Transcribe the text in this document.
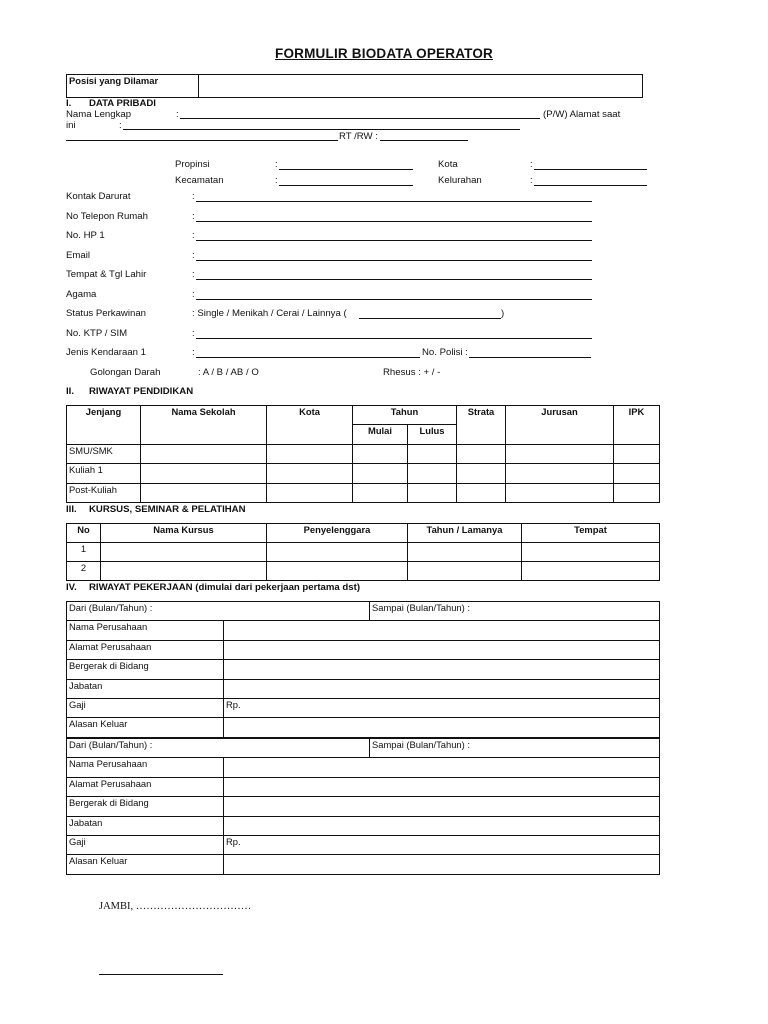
FORMULIR BIODATA OPERATOR
Posisi yang Dilamar	
I. DATA PRIBADI
Nama Lengkap	:	(P/W) Alamat saat
ini	:
RT /RW :
Propinsi	:	Kota	:
Kecamatan	:	Kelurahan	:
Kontak Darurat	:
No Telepon Rumah	:
No. HP 1	:
Email	:
Tempat & Tgl Lahir	:
Agama	:
Status Perkawinan	: Single / Menikah / Cerai / Lainnya (	)
No. KTP / SIM	:
Jenis Kendaraan 1	:	No. Polisi :
Golongan Darah	: A / B / AB / O	Rhesus : + / -
II. RIWAYAT PENDIDIKAN
Jenjang	Nama Sekolah	Kota	Tahun		Strata	Jurusan	IPK
			Mulai	Lulus			
SMU/SMK							
Kuliah 1							
Post-Kuliah							
III. KURSUS, SEMINAR & PELATIHAN
No	Nama Kursus	Penyelenggara	Tahun / Lamanya	Tempat
1				
2				
IV. RIWAYAT PEKERJAAN (dimulai dari pekerjaan pertama dst)
Dari (Bulan/Tahun) :		Sampai (Bulan/Tahun) :
Nama Perusahaan		
Alamat Perusahaan		
Bergerak di Bidang		
Jabatan		
Gaji	Rp.	
Alasan Keluar		
Dari (Bulan/Tahun) :		Sampai (Bulan/Tahun) :
Nama Perusahaan		
Alamat Perusahaan		
Bergerak di Bidang		
Jabatan		
Gaji	Rp.	
Alasan Keluar		
JAMBI, ……………………………
